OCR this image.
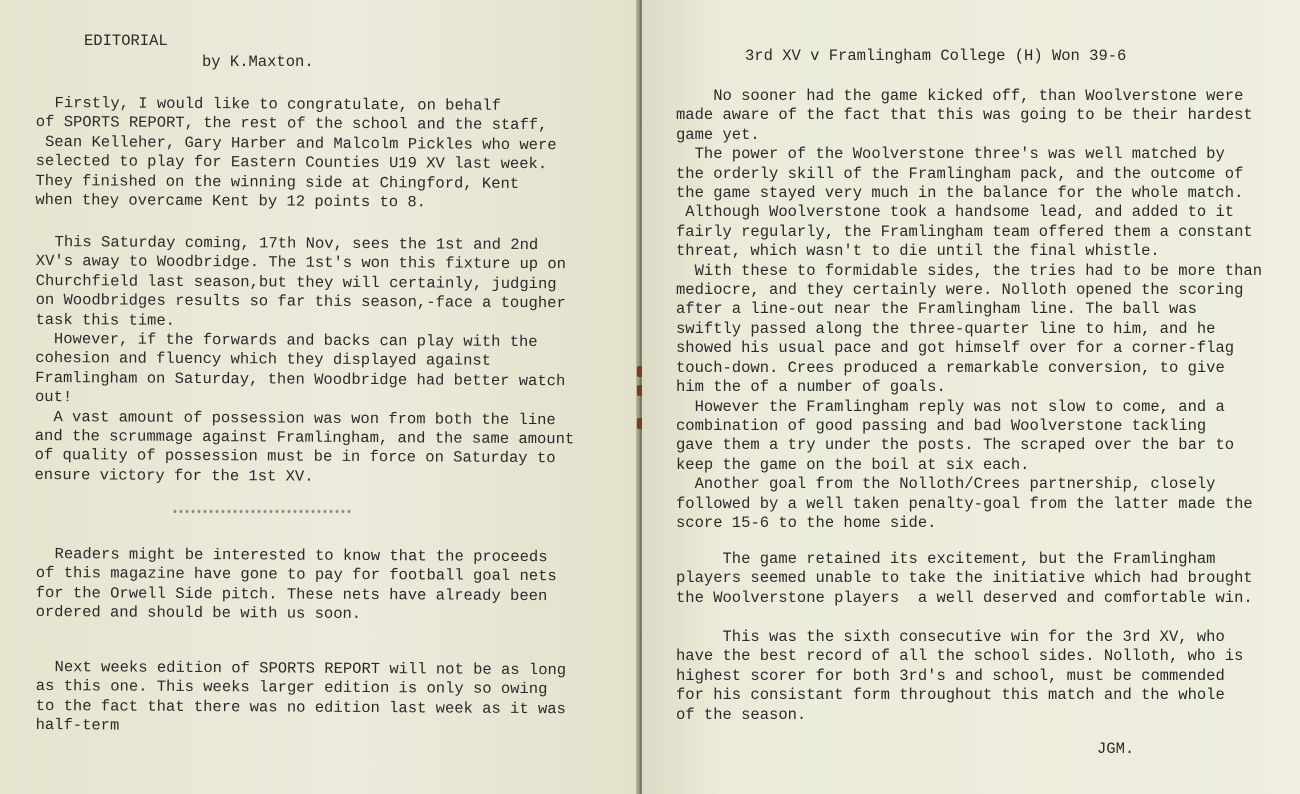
EDITORIAL

by K.Maxton.

Firstly, I would like to congratulate, on behalf
of SPORTS REPORT, the rest of the school and the staff,
Sean Kelleher, Gary Harber and Malcolm Pickles who were
selected to play for Eastern Counties U19 XV last week.
They finished on the winning side at Chingford, Kent
when they overcame Kent by 12 points to 8.

This Saturday coming, 17th Nov, sees the 1st and 2nd
XV's away to Woodbridge. The 1st's won this fixture up on
Churchfield last season,but they will certainly, judging
on Woodbridges results so far this season,-face a tougher
task this time.
However, if the forwards and backs can play with the
cohesion and fluency which they displayed against
Framlingham on Saturday, then Woodbridge had better watch
out!
A vast amount of possession was won from both the line
and the scrummage against Framlingham, and the same amount
of quality of possession must be in force on Saturday to
ensure victory for the 1st XV.

******************************

Readers might be interested to know that the proceeds
of this magazine have gone to pay for football goal nets
for the Orwell Side pitch. These nets have already been
ordered and should be with us soon.

Next weeks edition of SPORTS REPORT will not be as long
as this one. This weeks larger edition is only so owing
to the fact that there was no edition last week as it was
half-term

3rd XV v Framlingham College (H) Won 39-6

No sooner had the game kicked off, than Woolverstone were
made aware of the fact that this was going to be their hardest
game yet.
The power of the Woolverstone three's was well matched by
the orderly skill of the Framlingham pack, and the outcome of
the game stayed very much in the balance for the whole match.
Although Woolverstone took a handsome lead, and added to it
fairly regularly, the Framlingham team offered them a constant
threat, which wasn't to die until the final whistle.
With these to formidable sides, the tries had to be more than
mediocre, and they certainly were. Nolloth opened the scoring
after a line-out near the Framlingham line. The ball was
swiftly passed along the three-quarter line to him, and he
showed his usual pace and got himself over for a corner-flag
touch-down. Crees produced a remarkable conversion, to give
him the of a number of goals.
However the Framlingham reply was not slow to come, and a
combination of good passing and bad Woolverstone tackling
gave them a try under the posts. The scraped over the bar to
keep the game on the boil at six each.
Another goal from the Nolloth/Crees partnership, closely
followed by a well taken penalty-goal from the latter made the
score 15-6 to the home side.

The game retained its excitement, but the Framlingham
players seemed unable to take the initiative which had brought
the Woolverstone players  a well deserved and comfortable win.

This was the sixth consecutive win for the 3rd XV, who
have the best record of all the school sides. Nolloth, who is
highest scorer for both 3rd's and school, must be commended
for his consistant form throughout this match and the whole
of the season.

JGM.
